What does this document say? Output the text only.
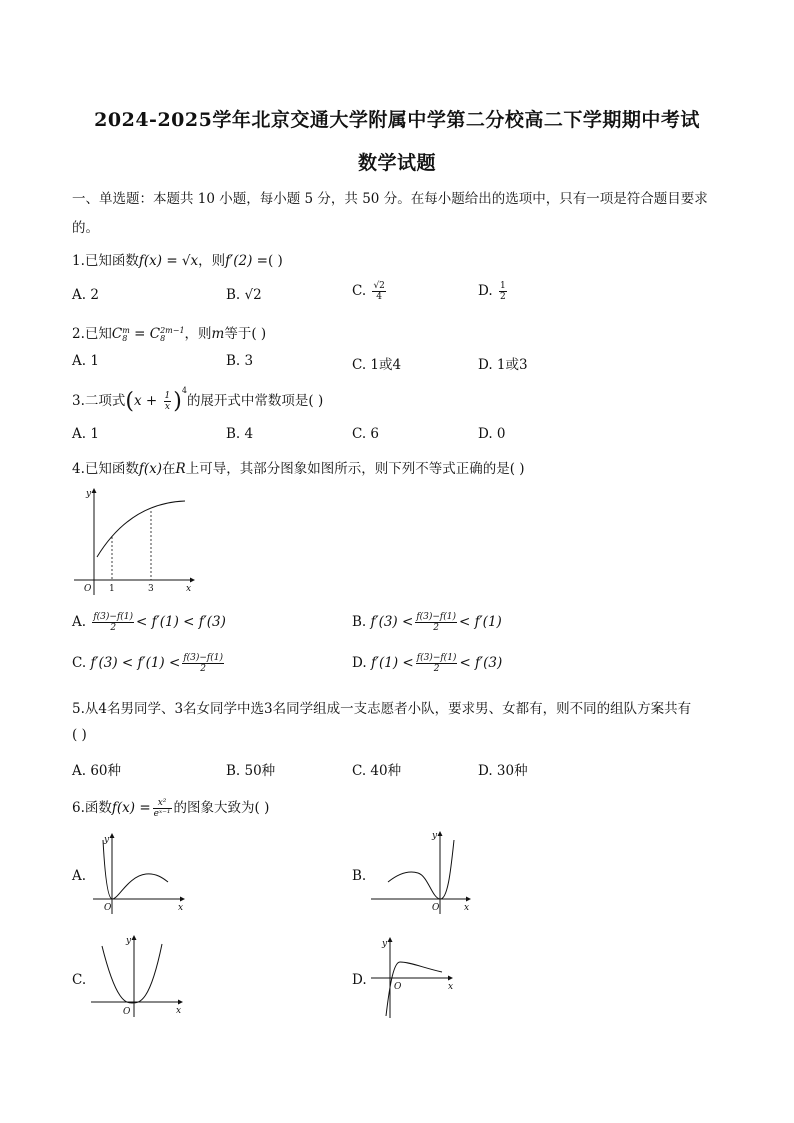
2024-2025学年北京交通大学附属中学第二分校高二下学期期中考试
数学试题
一、单选题：本题共 10 小题，每小题 5 分，共 50 分。在每小题给出的选项中，只有一项是符合题目要求
的。
1.已知函数f(x) = √x，则f′(2) =( )
A. 2	B. √2	C. $\frac{√2}{4}$	D. $\frac{1}{2}$
2.已知C m
8 = C 2m−1
8	，则m等于( )
A. 1	B. 3	C. 1或4	D. 1或3
3.二项式$(x + \frac{1}{x} )^4$的展开式中常数项是( )
A. 1	B. 4	C. 6	D. 0
4.已知函数f(x)在R上可导，其部分图象如图所示，则下列不等式正确的是( )
y
x
O 1	3
A. $\frac{f(3)-f(1)}{2} < f'(1) < f'(3)$	B. $f'(3) < \frac{f(3)-f(1)}{2} < f'(1)$
C. $f'(3) < f'(1) < \frac{f(3)-f(1)}{2}$	D. $f'(1) < \frac{f(3)-f(1)}{2} < f'(3)$
5.从4名男同学、3名女同学中选3名同学组成一支志愿者小队，要求男、女都有，则不同的组队方案共有
( )
A. 60种	B. 50种	C. 40种	D. 30种
6.函数$f(x) = \frac{\text{x²}}{\text{eˣ⁻¹}}$ 的图象大致为( )
A.
y
x
O
B.
y
x
O
C.
y
x
O
D.
y
x
O
